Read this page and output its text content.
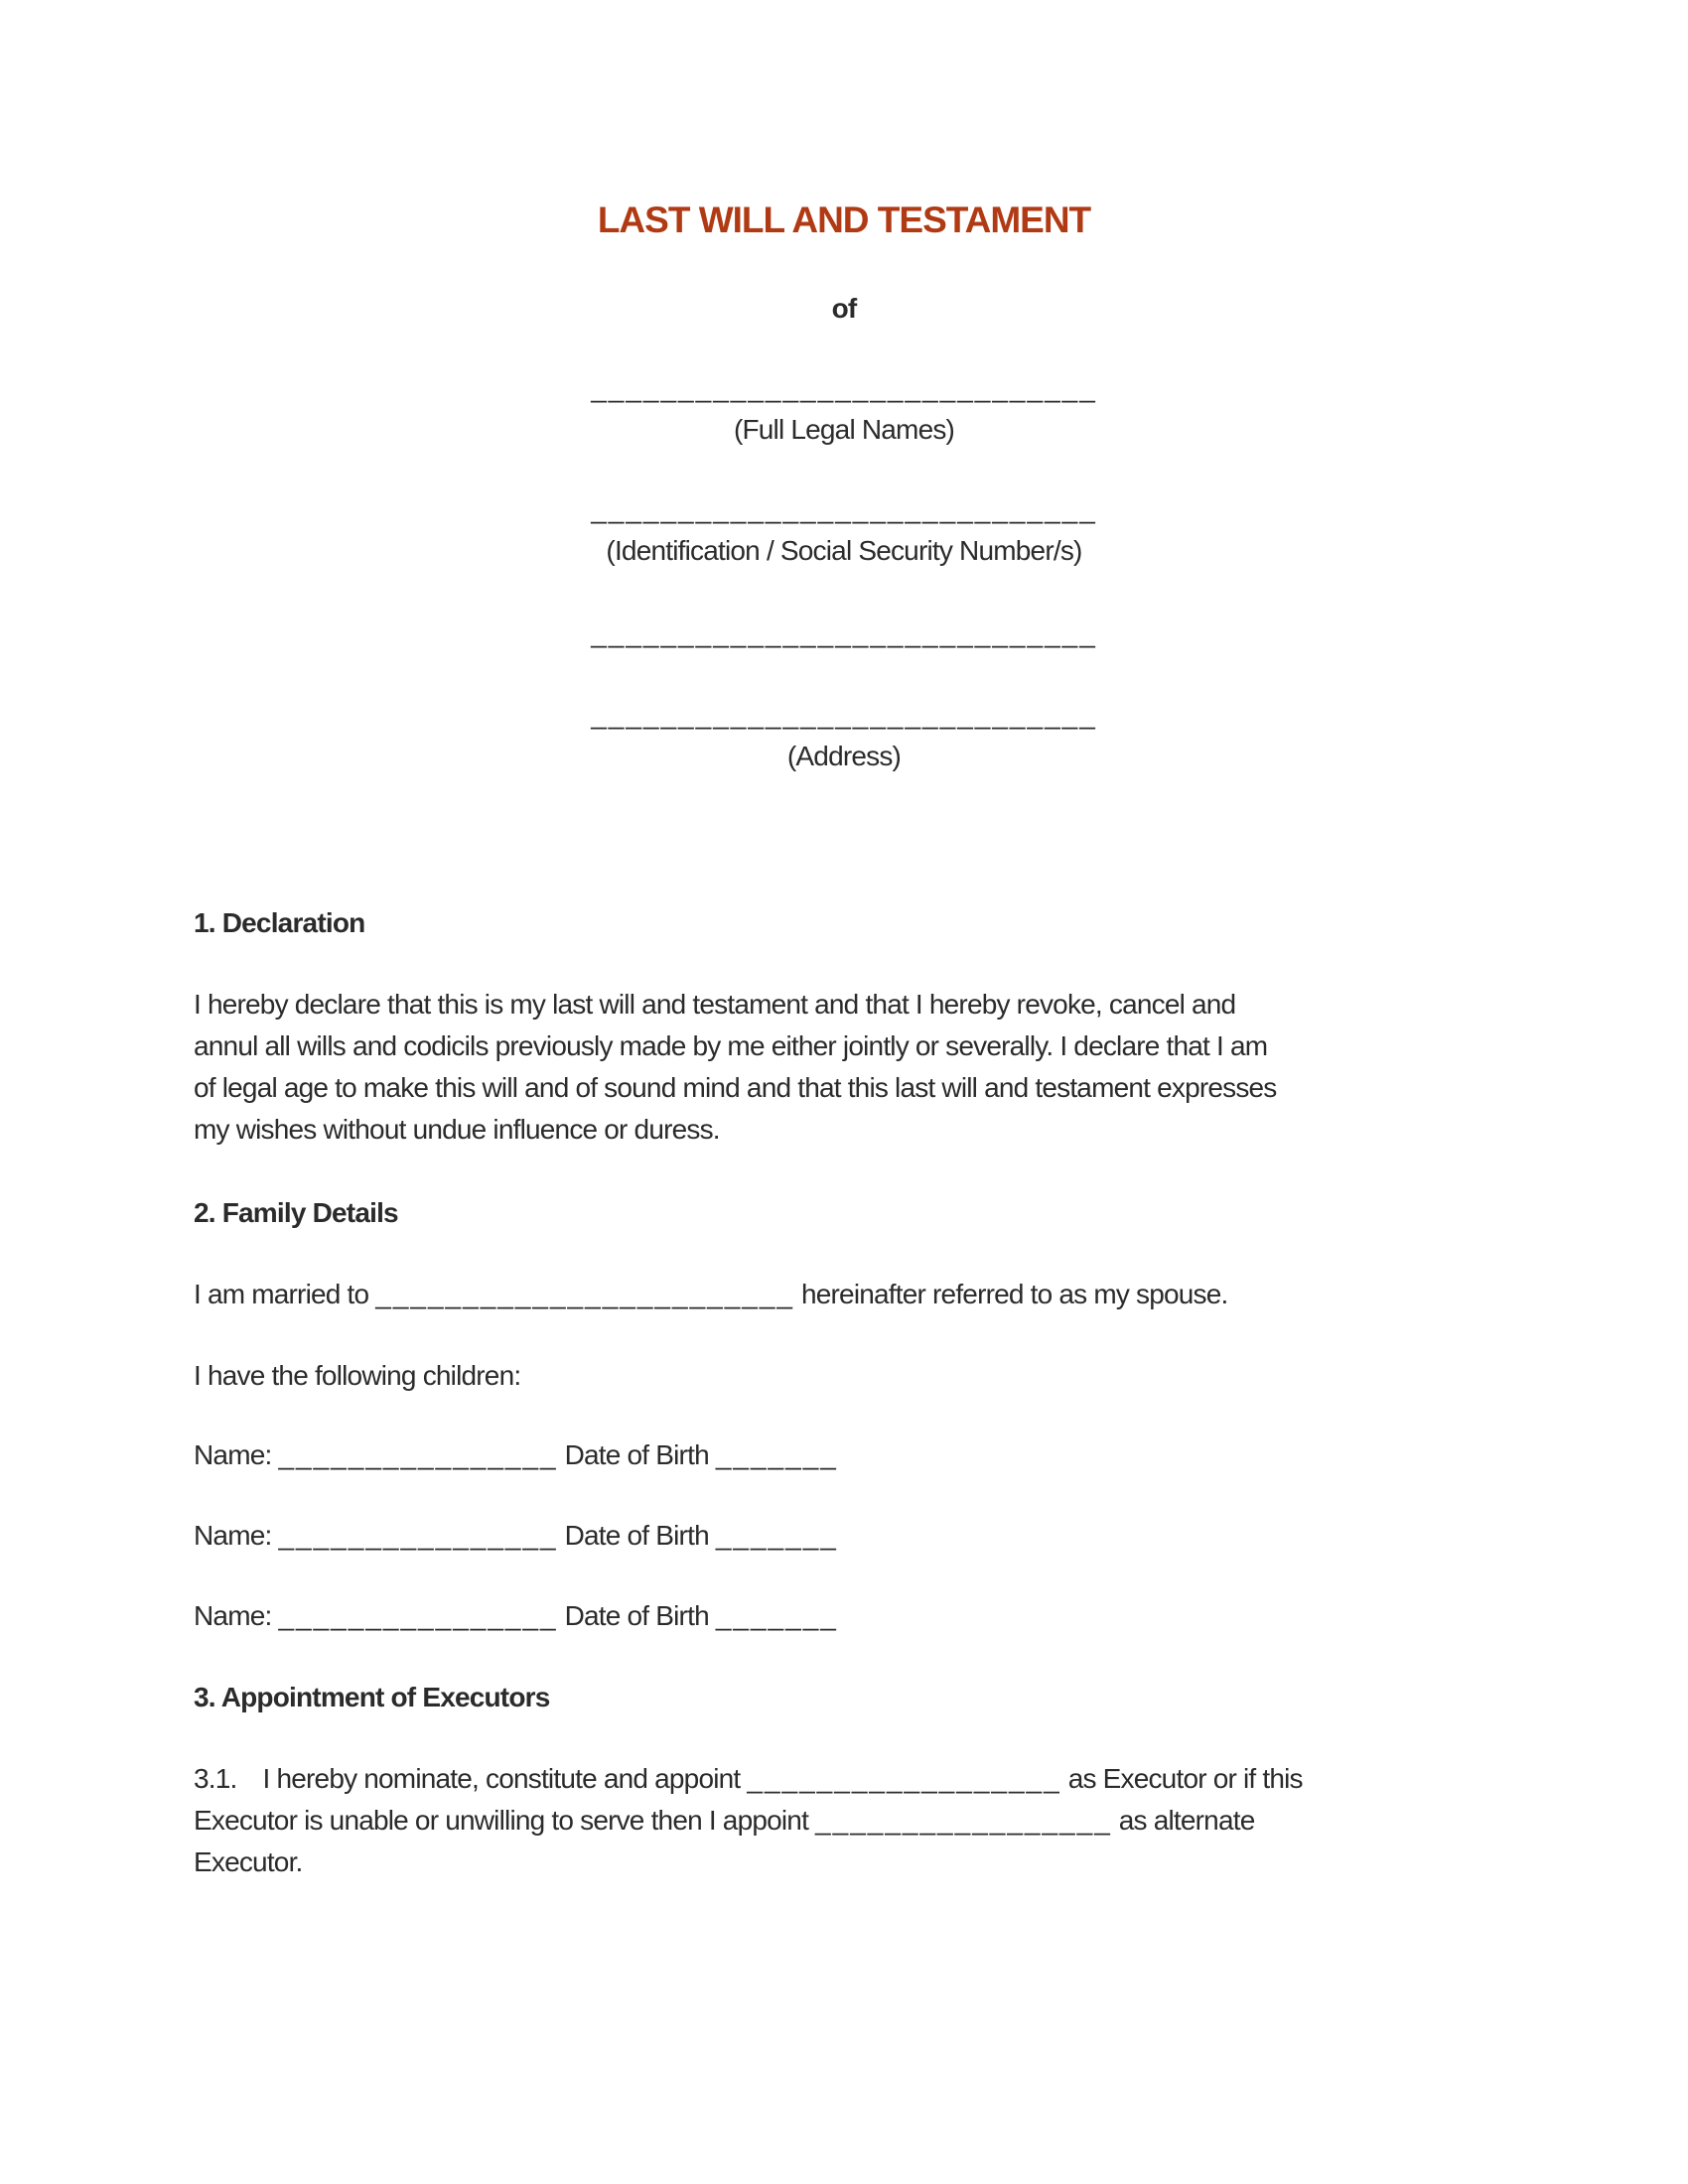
LAST WILL AND TESTAMENT
of
_____________________________
(Full Legal Names)
_____________________________
(Identification / Social Security Number/s)
_____________________________
_____________________________
(Address)
1. Declaration
I hereby declare that this is my last will and testament and that I hereby revoke, cancel and
annul all wills and codicils previously made by me either jointly or severally. I declare that I am
of legal age to make this will and of sound mind and that this last will and testament expresses
my wishes without undue influence or duress.
2. Family Details
I am married to ________________________ hereinafter referred to as my spouse.
I have the following children:
Name: ________________ Date of Birth _______
Name: ________________ Date of Birth _______
Name: ________________ Date of Birth _______
3. Appointment of Executors
3.1. I hereby nominate, constitute and appoint __________________ as Executor or if this
Executor is unable or unwilling to serve then I appoint _________________ as alternate
Executor.
